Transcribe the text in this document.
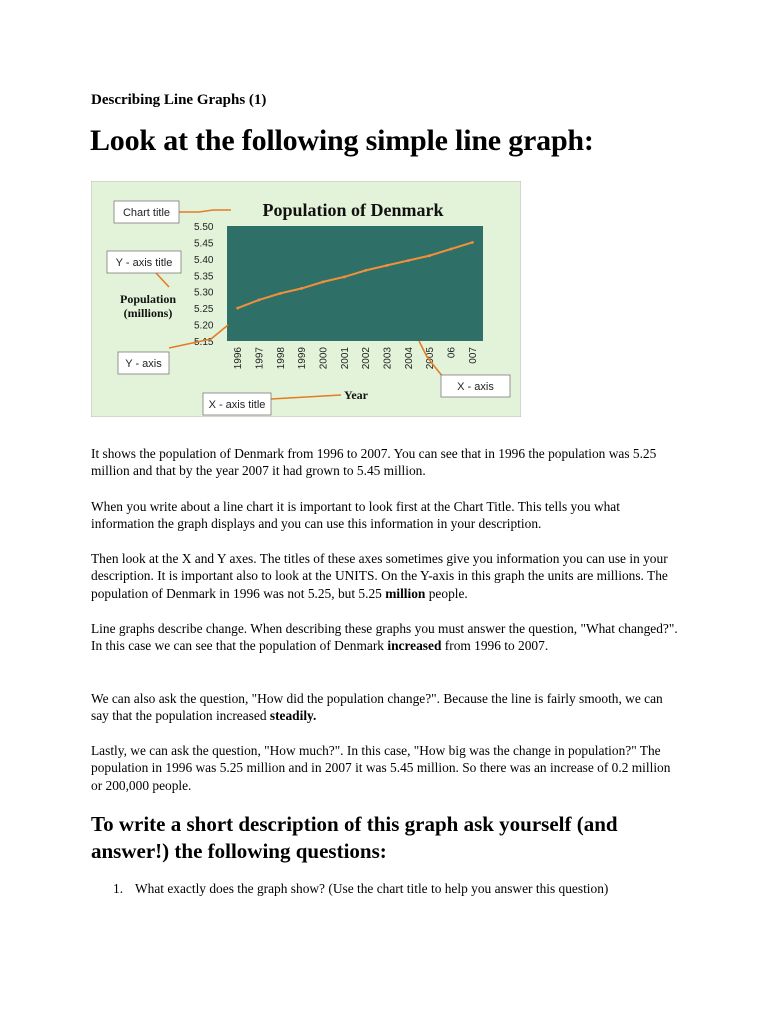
Describing Line Graphs (1)

Look at the following simple line graph:
Population of Denmark
5.50
5.45
5.40
5.35
5.30
5.25
5.20
5.15
Population
(millions)
1996 1997 1998 1999 2000 2001 2002 2003 2004 2005 06 007
Year
Chart title
Y - axis title
Y - axis
X - axis title
X - axis

It shows the population of Denmark from 1996 to 2007. You can see that in 1996 the population was 5.25 million and that by the year 2007 it had grown to 5.45 million.

When you write about a line chart it is important to look first at the Chart Title. This tells you what information the graph displays and you can use this information in your description.

Then look at the X and Y axes. The titles of these axes sometimes give you information you can use in your description. It is important also to look at the UNITS. On the Y-axis in this graph the units are millions. The population of Denmark in 1996 was not 5.25, but 5.25 million people.

Line graphs describe change. When describing these graphs you must answer the question, "What changed?". In this case we can see that the population of Denmark increased from 1996 to 2007.

We can also ask the question, "How did the population change?". Because the line is fairly smooth, we can say that the population increased steadily.

Lastly, we can ask the question, "How much?". In this case, "How big was the change in population?" The population in 1996 was 5.25 million and in 2007 it was 5.45 million. So there was an increase of 0.2 million or 200,000 people.

To write a short description of this graph ask yourself (and answer!) the following questions:
1. What exactly does the graph show? (Use the chart title to help you answer this question)
